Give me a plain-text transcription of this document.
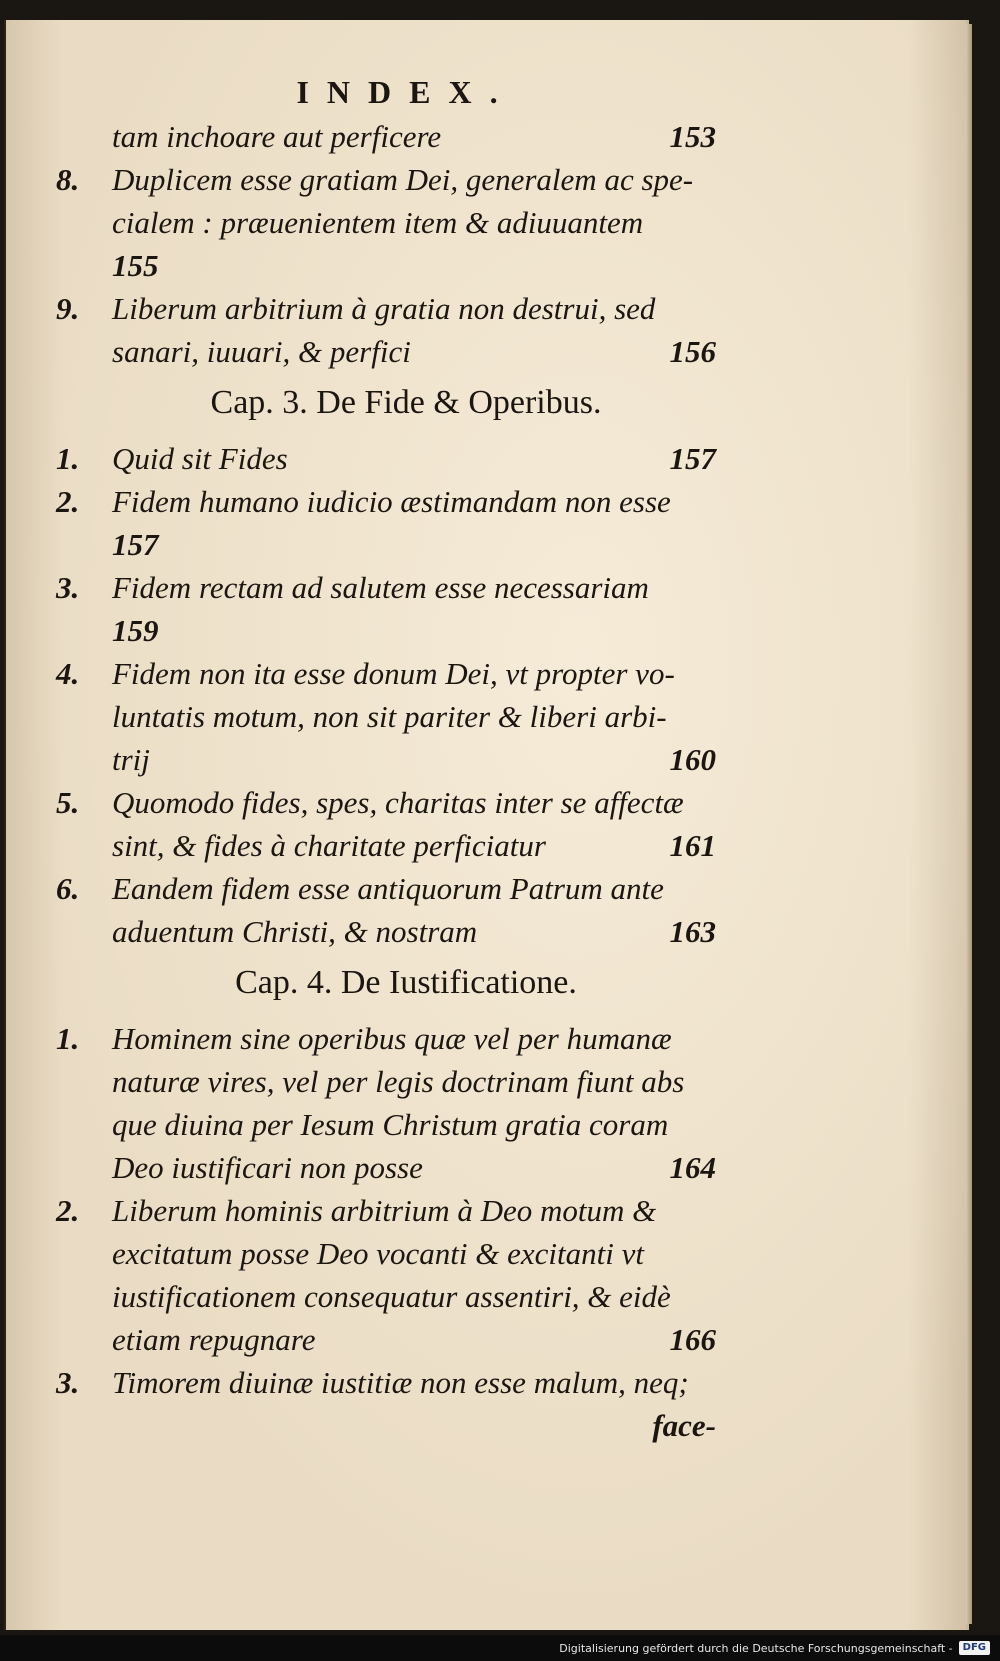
INDEX.
tam inchoare aut perficere	153
8.	Duplicem esse gratiam Dei, generalem ac spe-
cialem : præuenientem item & adiuuantem
155
9.	Liberum arbitrium à gratia non destrui, sed
sanari, iuuari, & perfici	156
Cap. 3. De Fide & Operibus.
1.	Quid sit Fides	157
2.	Fidem humano iudicio æstimandam non esse
157
3.	Fidem rectam ad salutem esse necessariam
159
4.	Fidem non ita esse donum Dei, vt propter vo-
luntatis motum, non sit pariter & liberi arbi-
trij	160
5.	Quomodo fides, spes, charitas inter se affectæ
sint, & fides à charitate perficiatur	161
6.	Eandem fidem esse antiquorum Patrum ante
aduentum Christi, & nostram	163
Cap. 4. De Iustificatione.
1.	Hominem sine operibus quæ vel per humanæ
naturæ vires, vel per legis doctrinam fiunt abs
que diuina per Iesum Christum gratia coram
Deo iustificari non posse	164
2.	Liberum hominis arbitrium à Deo motum &
excitatum posse Deo vocanti & excitanti vt
iustificationem consequatur assentiri, & eidè
etiam repugnare	166
3.	Timorem diuinæ iustitiæ non esse malum, neq;
face-
Digitalisierung gefördert durch die Deutsche Forschungsgemeinschaft -	DFG
